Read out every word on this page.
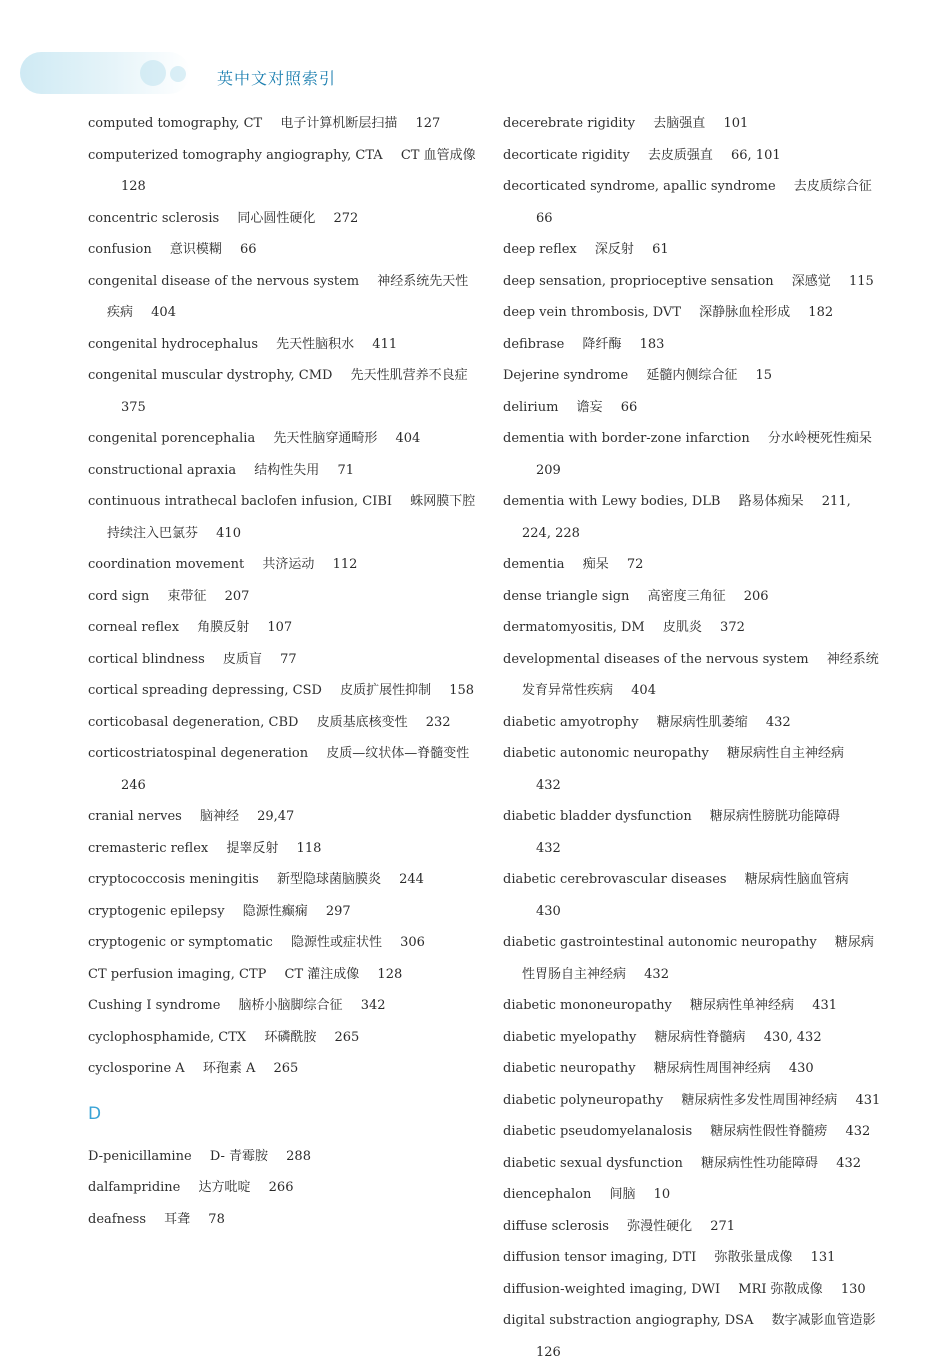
英中文对照索引
computed tomography, CT 电子计算机断层扫描 127
computerized tomography angiography, CTA CT 血管成像 128
concentric sclerosis 同心圆性硬化 272
confusion 意识模糊 66
congenital disease of the nervous system 神经系统先天性疾病 404
congenital hydrocephalus 先天性脑积水 411
congenital muscular dystrophy, CMD 先天性肌营养不良症 375
congenital porencephalia 先天性脑穿通畸形 404
constructional apraxia 结构性失用 71
continuous intrathecal baclofen infusion, CIBI 蛛网膜下腔持续注入巴氯芬 410
coordination movement 共济运动 112
cord sign 束带征 207
corneal reflex 角膜反射 107
cortical blindness 皮质盲 77
cortical spreading depressing, CSD 皮质扩展性抑制 158
corticobasal degeneration, CBD 皮质基底核变性 232
corticostriatospinal degeneration 皮质—纹状体—脊髓变性 246
cranial nerves 脑神经 29,47
cremasteric reflex 提睾反射 118
cryptococcosis meningitis 新型隐球菌脑膜炎 244
cryptogenic epilepsy 隐源性癫痫 297
cryptogenic or symptomatic 隐源性或症状性 306
CT perfusion imaging, CTP CT 灌注成像 128
Cushing Ⅰ syndrome 脑桥小脑脚综合征 342
cyclophosphamide, CTX 环磷酰胺 265
cyclosporine A 环孢素 A 265
D
D-penicillamine D- 青霉胺 288
dalfampridine 达方吡啶 266
deafness 耳聋 78
decerebrate rigidity 去脑强直 101
decorticate rigidity 去皮质强直 66, 101
decorticated syndrome, apallic syndrome 去皮质综合征 66
deep reflex 深反射 61
deep sensation, proprioceptive sensation 深感觉 115
deep vein thrombosis, DVT 深静脉血栓形成 182
defibrase 降纤酶 183
Dejerine syndrome 延髓内侧综合征 15
delirium 谵妄 66
dementia with border-zone infarction 分水岭梗死性痴呆 209
dementia with Lewy bodies, DLB 路易体痴呆 211, 224, 228
dementia 痴呆 72
dense triangle sign 高密度三角征 206
dermatomyositis, DM 皮肌炎 372
developmental diseases of the nervous system 神经系统发育异常性疾病 404
diabetic amyotrophy 糖尿病性肌萎缩 432
diabetic autonomic neuropathy 糖尿病性自主神经病 432
diabetic bladder dysfunction 糖尿病性膀胱功能障碍 432
diabetic cerebrovascular diseases 糖尿病性脑血管病 430
diabetic gastrointestinal autonomic neuropathy 糖尿病性胃肠自主神经病 432
diabetic mononeuropathy 糖尿病性单神经病 431
diabetic myelopathy 糖尿病性脊髓病 430, 432
diabetic neuropathy 糖尿病性周围神经病 430
diabetic polyneuropathy 糖尿病性多发性周围神经病 431
diabetic pseudomyelanalosis 糖尿病性假性脊髓痨 432
diabetic sexual dysfunction 糖尿病性性功能障碍 432
diencephalon 间脑 10
diffuse sclerosis 弥漫性硬化 271
diffusion tensor imaging, DTI 弥散张量成像 131
diffusion-weighted imaging, DWI MRI 弥散成像 130
digital substraction angiography, DSA 数字减影血管造影 126
